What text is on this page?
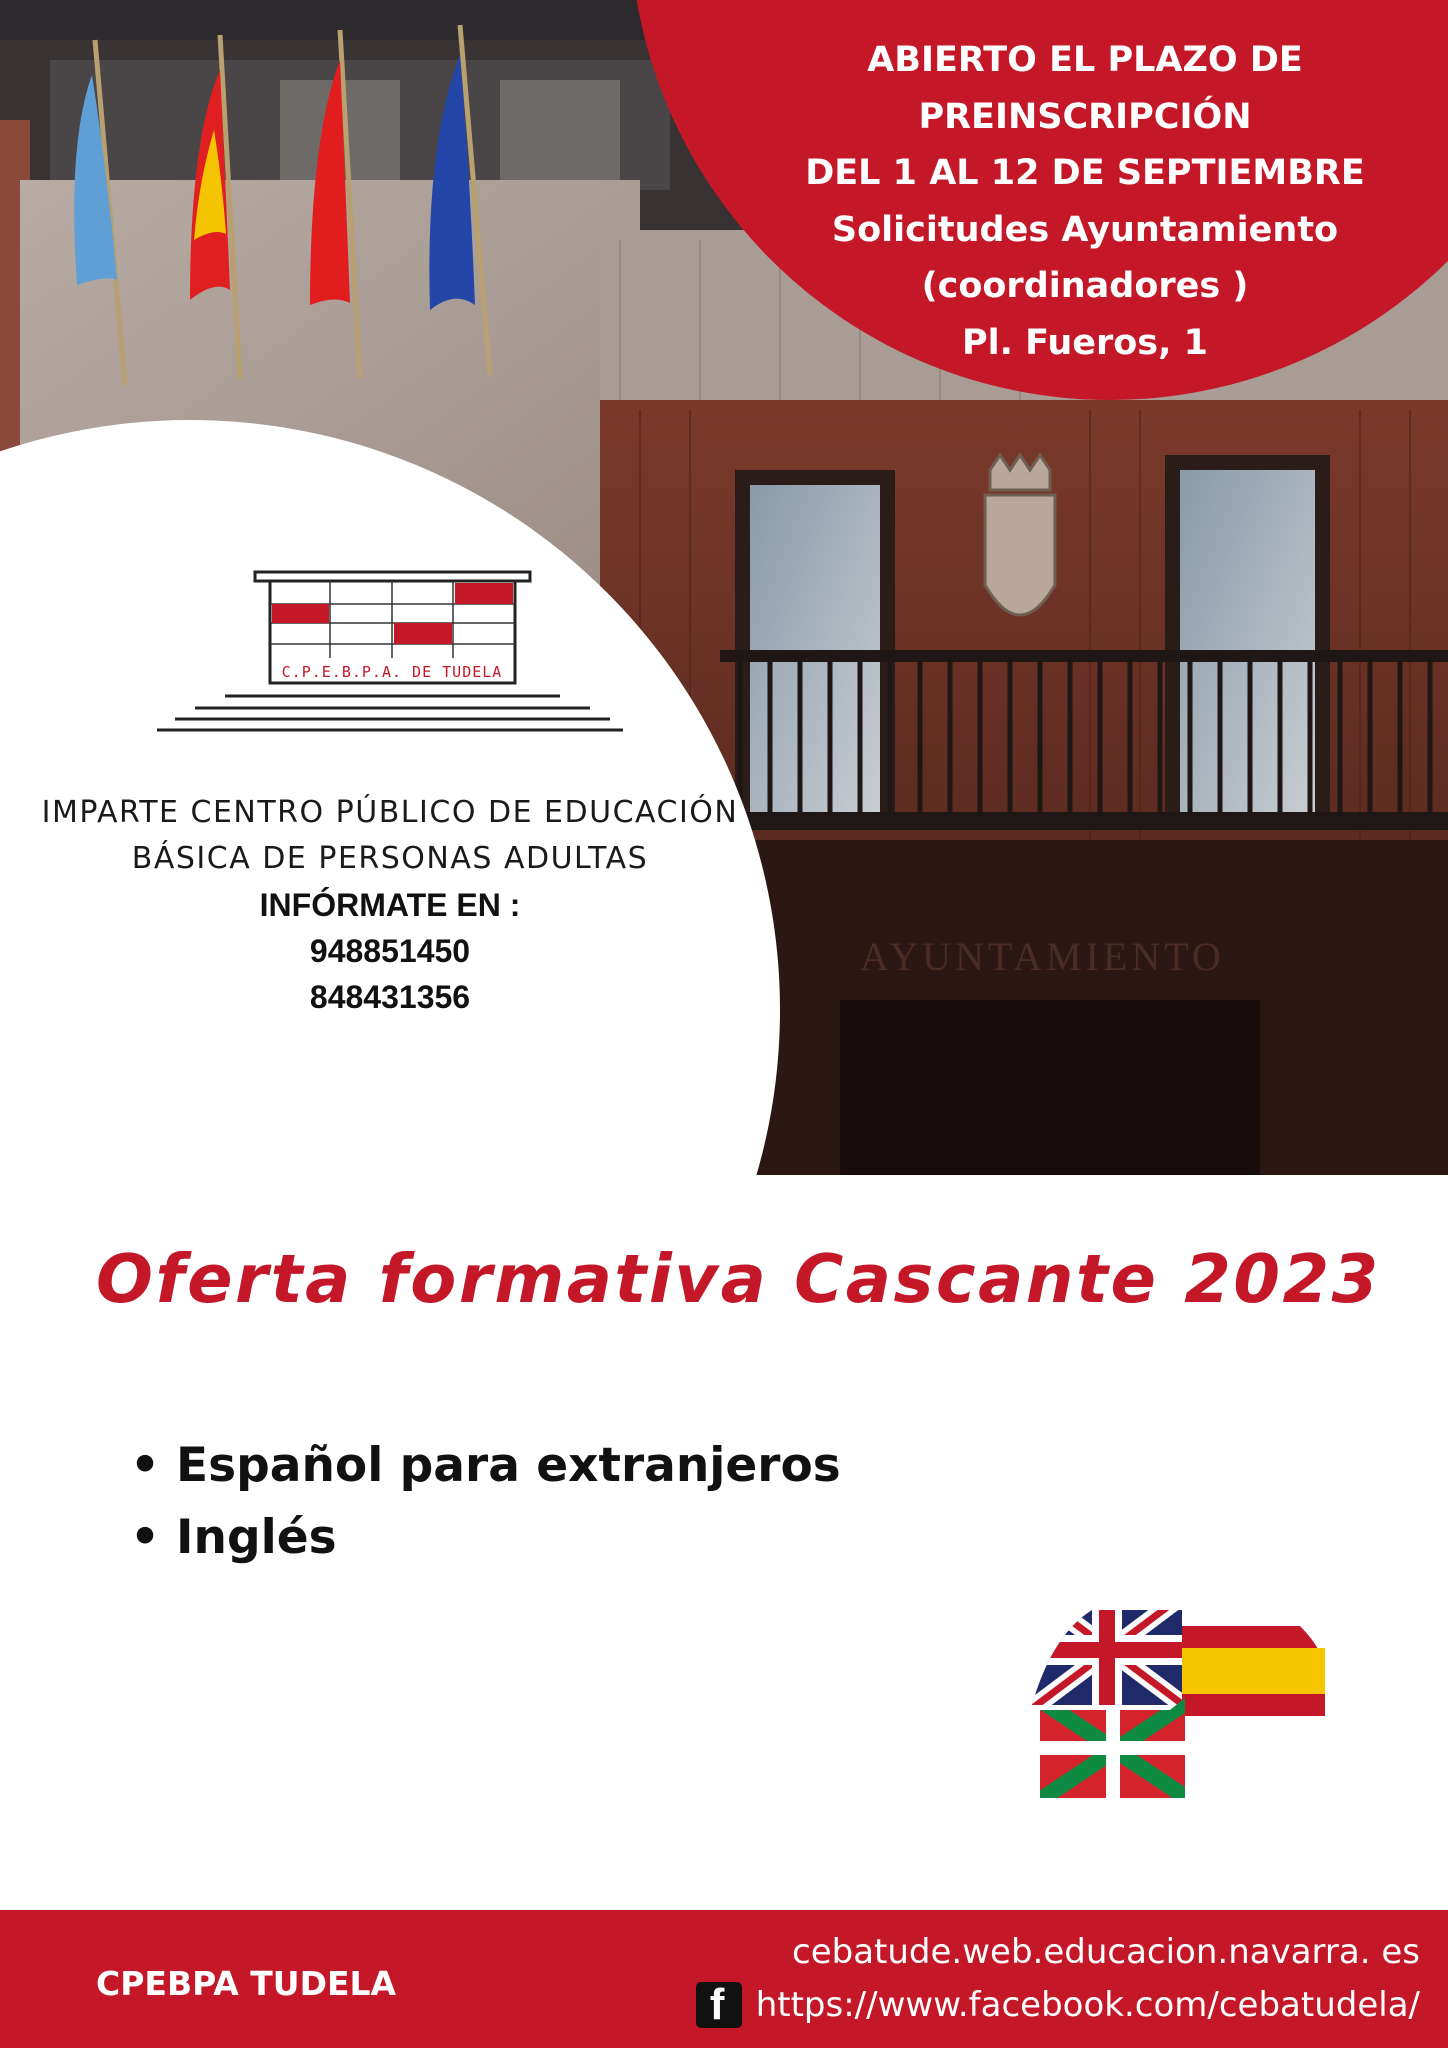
AYUNTAMIENTO
ABIERTO EL PLAZO DE
PREINSCRIPCIÓN
DEL 1 AL 12 DE SEPTIEMBRE
Solicitudes Ayuntamiento
(coordinadores )
Pl. Fueros, 1
C.P.E.B.P.A. DE TUDELA
IMPARTE CENTRO PÚBLICO DE EDUCACIÓN
BÁSICA DE PERSONAS ADULTAS
INFÓRMATE EN :
948851450
848431356
Oferta formativa Cascante 2023
• Español para extranjeros
• Inglés
CPEBPA TUDELA
cebatude.web.educacion.navarra. es
f https://www.facebook.com/cebatudela/
